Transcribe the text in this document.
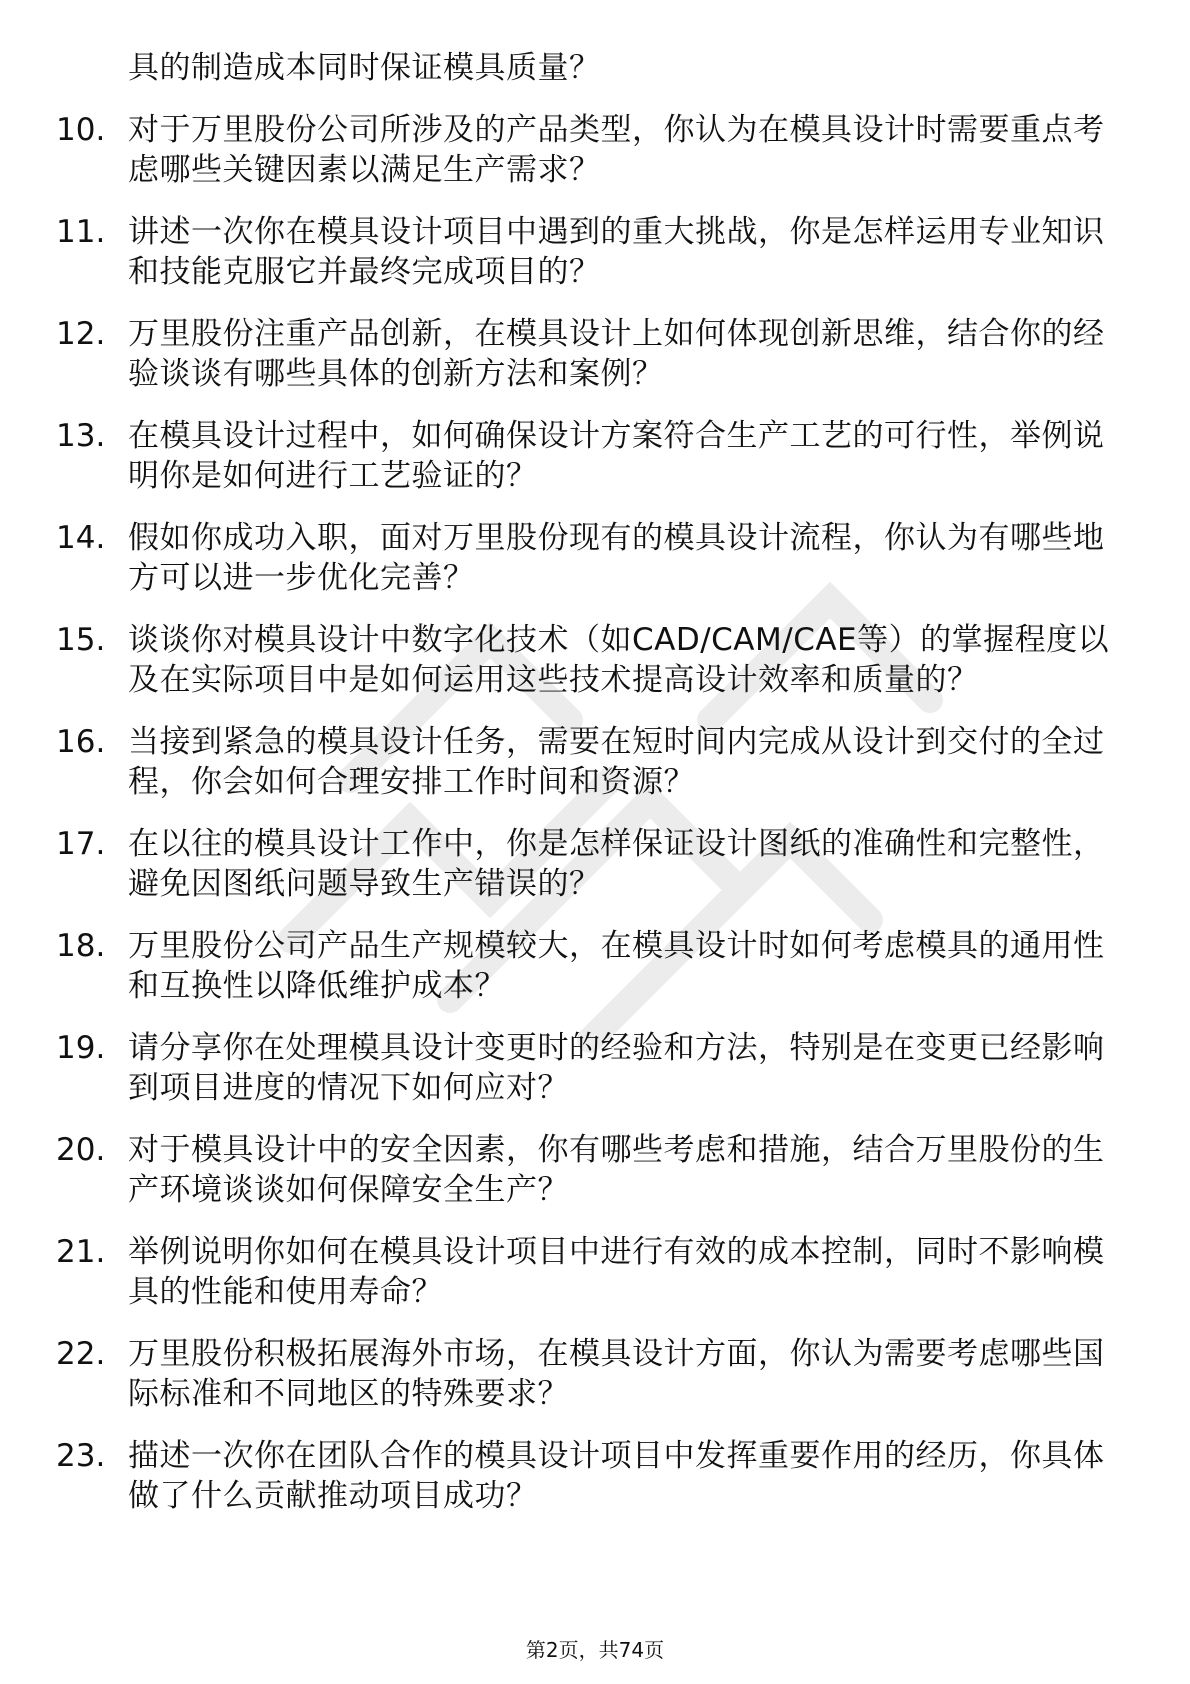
具的制造成本同时保证模具质量？
10. 对于万里股份公司所涉及的产品类型，你认为在模具设计时需要重点考虑哪些关键因素以满足生产需求？
11. 讲述一次你在模具设计项目中遇到的重大挑战，你是怎样运用专业知识和技能克服它并最终完成项目的？
12. 万里股份注重产品创新，在模具设计上如何体现创新思维，结合你的经验谈谈有哪些具体的创新方法和案例？
13. 在模具设计过程中，如何确保设计方案符合生产工艺的可行性，举例说明你是如何进行工艺验证的？
14. 假如你成功入职，面对万里股份现有的模具设计流程，你认为有哪些地方可以进一步优化完善？
15. 谈谈你对模具设计中数字化技术（如CAD/CAM/CAE等）的掌握程度以及在实际项目中是如何运用这些技术提高设计效率和质量的？
16. 当接到紧急的模具设计任务，需要在短时间内完成从设计到交付的全过程，你会如何合理安排工作时间和资源？
17. 在以往的模具设计工作中，你是怎样保证设计图纸的准确性和完整性，避免因图纸问题导致生产错误的？
18. 万里股份公司产品生产规模较大，在模具设计时如何考虑模具的通用性和互换性以降低维护成本？
19. 请分享你在处理模具设计变更时的经验和方法，特别是在变更已经影响到项目进度的情况下如何应对？
20. 对于模具设计中的安全因素，你有哪些考虑和措施，结合万里股份的生产环境谈谈如何保障安全生产？
21. 举例说明你如何在模具设计项目中进行有效的成本控制，同时不影响模具的性能和使用寿命？
22. 万里股份积极拓展海外市场，在模具设计方面，你认为需要考虑哪些国际标准和不同地区的特殊要求？
23. 描述一次你在团队合作的模具设计项目中发挥重要作用的经历，你具体做了什么贡献推动项目成功？
第2页，共74页
